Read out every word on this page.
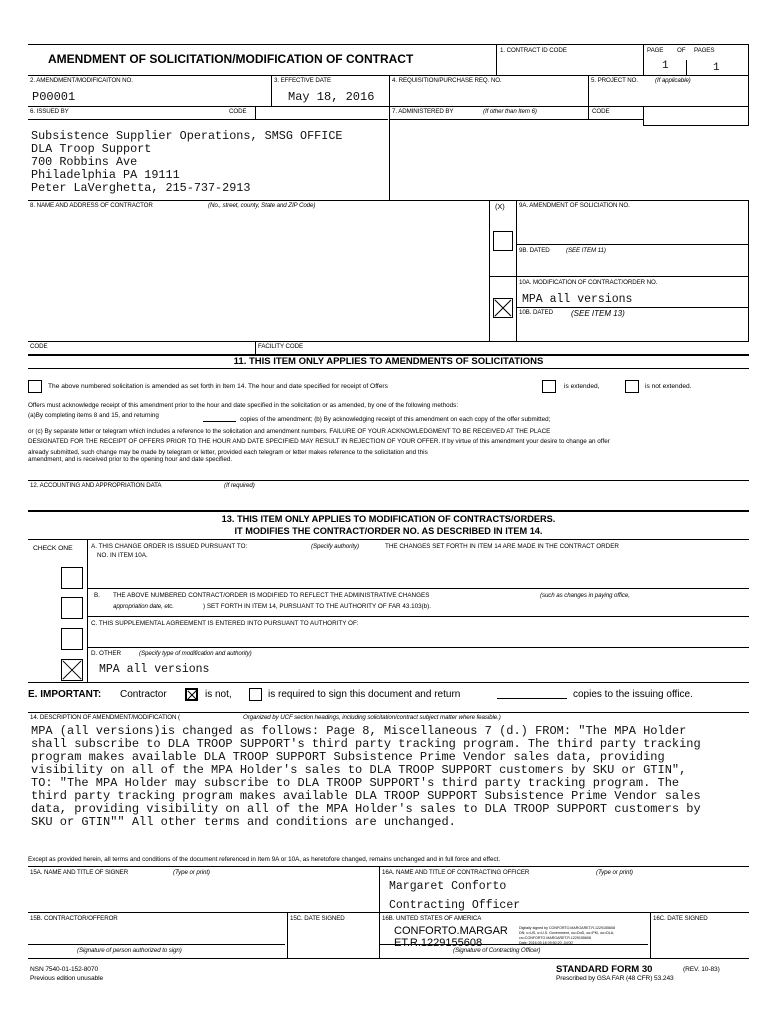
AMENDMENT OF SOLICITATION/MODIFICATION OF CONTRACT
1. CONTRACT ID CODE	PAGE OF PAGES
1	1
2. AMENDMENT/MODIFICAITON NO.
P00001
3. EFFECTIVE DATE
May 18, 2016
4. REQUISITION/PURCHASE REQ. NO.	5. PROJECT NO.	(If applicable)
6. ISSUED BY	CODE	7. ADMINISTERED BY	(If other than Item 6)	CODE
Subsistence Supplier Operations, SMSG OFFICE
DLA Troop Support
700 Robbins Ave
Philadelphia PA 19111
Peter LaVerghetta, 215-737-2913
8. NAME AND ADDRESS OF CONTRACTOR	(No., street, county, State and ZIP Code)	(X) 9A. AMENDMENT OF SOLICIATION NO.
9B. DATED	(SEE ITEM 11)
10A. MODIFICATION OF CONTRACT/ORDER NO.
MPA all versions
10B. DATED (SEE ITEM 13)
CODE	FACILITY CODE
11. THIS ITEM ONLY APPLIES TO AMENDMENTS OF SOLICITATIONS
The above numbered solicitation is amended as set forth in Item 14. The hour and date specified for receipt of Offers	is extended,	is not extended.
Offers must acknowledge receipt of this amendment prior to the hour and date specified in the solicitation or as amended, by one of the following methods:
(a)By completing items 8 and 15, and returning
copies of the amendment; (b) By acknowledging receipt of this amendment on each copy of the offer submitted;
or (c) By separate letter or telegram which includes a reference to the solicitation and amendment numbers. FAILURE OF YOUR ACKNOWLEDGMENT TO BE RECEIVED AT THE PLACE
DESIGNATED FOR THE RECEIPT OF OFFERS PRIOR TO THE HOUR AND DATE SPECIFIED MAY RESULT IN REJECTION OF YOUR OFFER. If by virtue of this amendment your desire to change an offer
already submitted, such change may be made by telegram or letter, provided each telegram or letter makes reference to the solicitation and this
amendment, and is received prior to the opening hour and date specified.
12. ACCOUNTING AND APPROPRIATION DATA	(If required)
13. THIS ITEM ONLY APPLIES TO MODIFICATION OF CONTRACTS/ORDERS.
IT MODIFIES THE CONTRACT/ORDER NO. AS DESCRIBED IN ITEM 14.
CHECK ONE	A. THIS CHANGE ORDER IS ISSUED PURSUANT TO:	(Specify authority)	THE CHANGES SET FORTH IN ITEM 14 ARE MADE IN THE CONTRACT ORDER
NO. IN ITEM 10A.
B. THE ABOVE NUMBERED CONTRACT/ORDER IS MODIFIED TO REFLECT THE ADMINISTRATIVE CHANGES	(such as changes in paying office,
appropriation date, etc.	) SET FORTH IN ITEM 14, PURSUANT TO THE AUTHORITY OF FAR 43.103(b).
C. THIS SUPPLEMENTAL AGREEMENT IS ENTERED INTO PURSUANT TO AUTHORITY OF:
D. OTHER	(Specify type of modification and authority)
MPA all versions
E. IMPORTANT: Contractor	is not,	is required to sign this document and return	copies to the issuing office.
14. DESCRIPTION OF AMENDMENT/MODIFICATION (	Organized by UCF section headings, including solicitation/contract subject matter where feasible.)
MPA (all versions)is changed as follows: Page 8, Miscellaneous 7 (d.) FROM: "The MPA Holder
shall subscribe to DLA TROOP SUPPORT's third party tracking program. The third party tracking
program makes available DLA TROOP SUPPORT Subsistence Prime Vendor sales data, providing
visibility on all of the MPA Holder's sales to DLA TROOP SUPPORT customers by SKU or GTIN",
TO: "The MPA Holder may subscribe to DLA TROOP SUPPORT's third party tracking program. The
third party tracking program makes available DLA TROOP SUPPORT Subsistence Prime Vendor sales
data, providing visibility on all of the MPA Holder's sales to DLA TROOP SUPPORT customers by
SKU or GTIN"" All other terms and conditions are unchanged.
Except as provided herein, all terms and conditions of the document referenced in Item 9A or 10A, as heretofore changed, remains unchanged and in full force and effect.
15A. NAME AND TITLE OF SIGNER	(Type or print)	16A. NAME AND TITLE OF CONTRACTING OFFICER	(Type or print)
Margaret Conforto
Contracting Officer
15B. CONTRACTOR/OFFEROR	15C. DATE SIGNED	16B. UNITED STATES OF AMERICA	16C. DATE SIGNED
CONFORTO.MARGAR
ET.R.1229155608
Digitally signed by CONFORTO.MARGARET.R.1229155608
DN: c=US, o=U.S. Government, ou=DoD, ou=PKI, ou=DLA,
cn=CONFORTO.MARGARET.R.1229155608
Date: 2016.05.18 09:50:20 -04'00'
(Signature of person authorized to sign)	(Signature of Contracting Officer)
NSN 7540-01-152-8070
Previous edition unusable
STANDARD FORM 30	(REV. 10-83)
Prescribed by GSA FAR (48 CFR) 53.243
